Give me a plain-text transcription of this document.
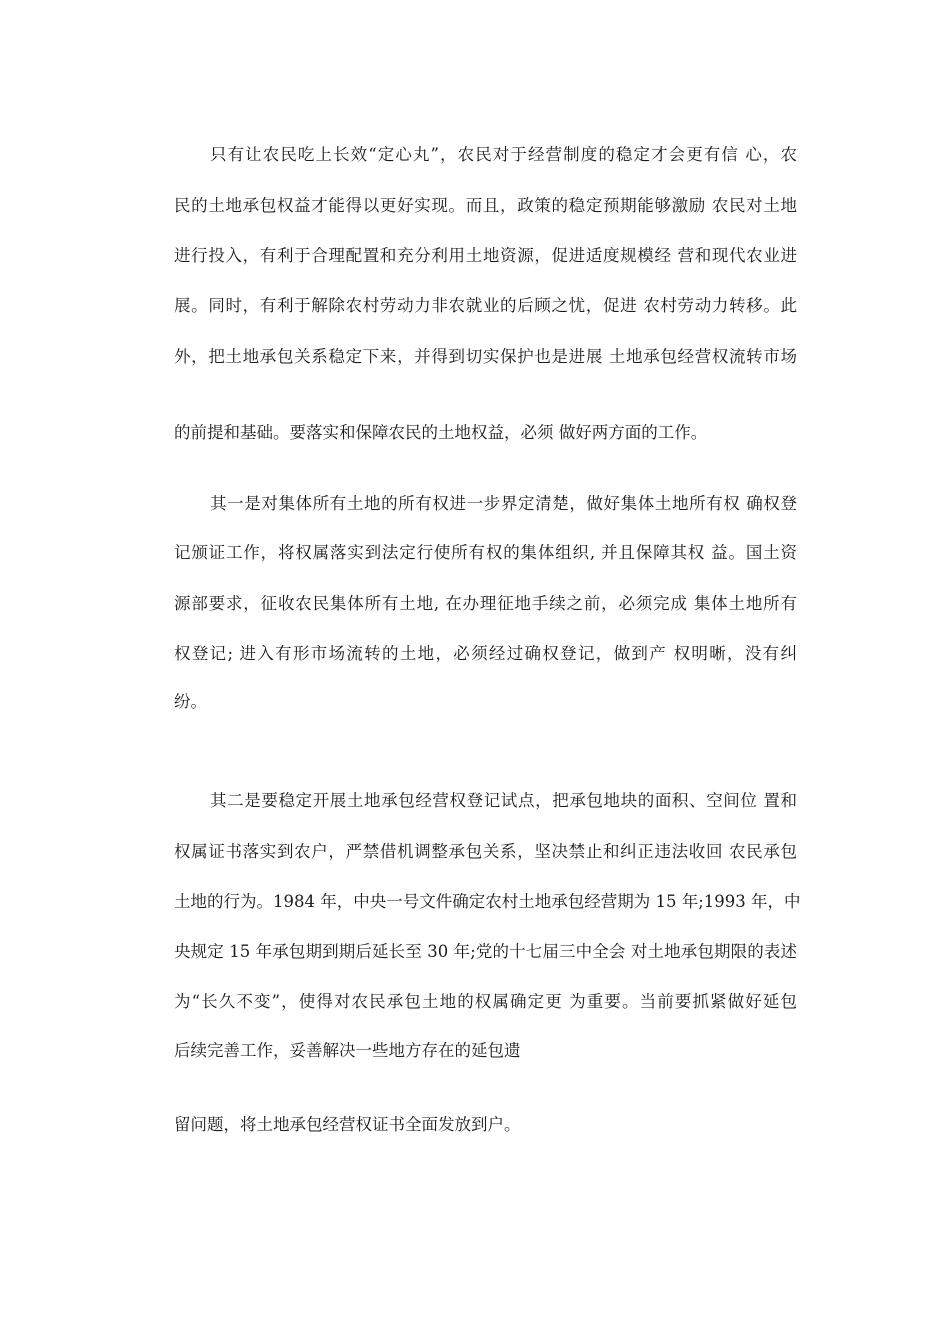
只有让农民吃上长效“定心丸”，农民对于经营制度的稳定才会更有信 心，农
民的土地承包权益才能得以更好实现。而且，政策的稳定预期能够激励 农民对土地
进行投入，有利于合理配置和充分利用土地资源，促进适度规模经 营和现代农业进
展。同时，有利于解除农村劳动力非农就业的后顾之忧，促进 农村劳动力转移。此
外，把土地承包关系稳定下来，并得到切实保护也是进展 土地承包经营权流转市场
的前提和基础。要落实和保障农民的土地权益，必须 做好两方面的工作。
其一是对集体所有土地的所有权进一步界定清楚，做好集体土地所有权 确权登
记颁证工作，将权属落实到法定行使所有权的集体组织, 并且保障其权 益。国土资
源部要求，征收农民集体所有土地, 在办理征地手续之前，必须完成 集体土地所有
权登记; 进入有形市场流转的土地，必须经过确权登记，做到产 权明晰，没有纠
纷。
其二是要稳定开展土地承包经营权登记试点，把承包地块的面积、空间位 置和
权属证书落实到农户，严禁借机调整承包关系，坚决禁止和纠正违法收回 农民承包
土地的行为。1984 年，中央一号文件确定农村土地承包经营期为 15 年;1993 年，中
央规定 15 年承包期到期后延长至 30 年;党的十七届三中全会 对土地承包期限的表述
为“长久不变”，使得对农民承包土地的权属确定更 为重要。当前要抓紧做好延包
后续完善工作，妥善解决一些地方存在的延包遗
留问题，将土地承包经营权证书全面发放到户。
